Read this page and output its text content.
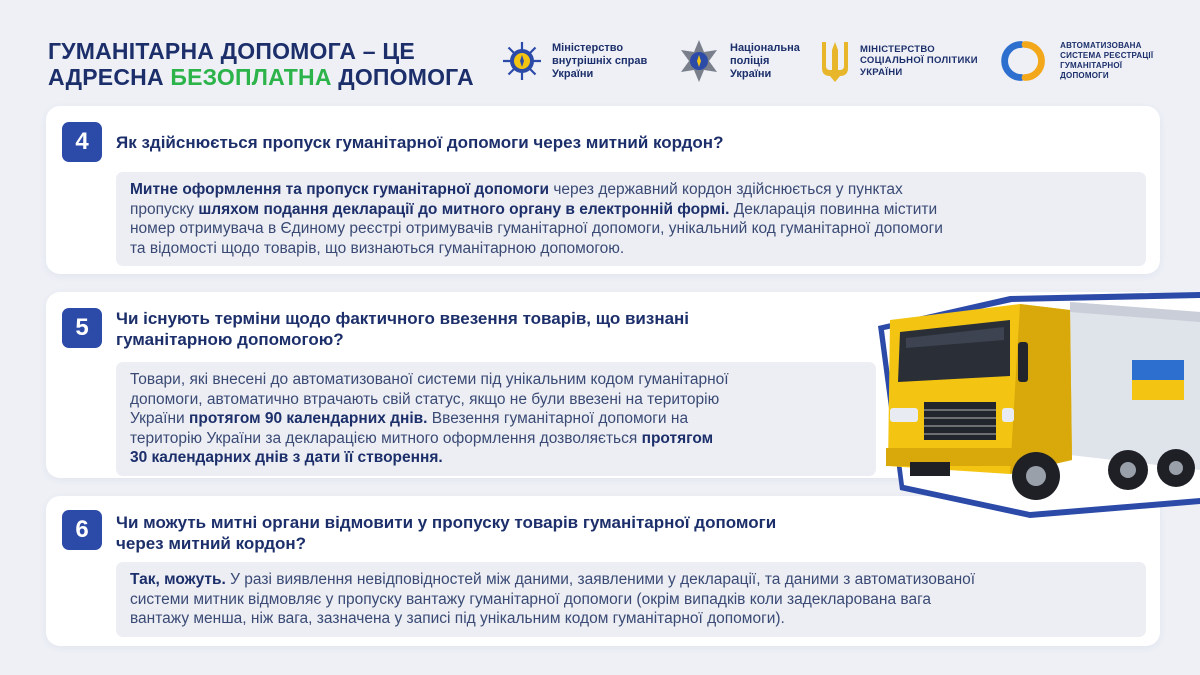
ГУМАНІТАРНА ДОПОМОГА – ЦЕ
АДРЕСНА БЕЗОПЛАТНА ДОПОМОГА
Міністерство
внутрішніх справ
України
Національна
поліція
України
МІНІСТЕРСТВО
СОЦІАЛЬНОЇ ПОЛІТИКИ
УКРАЇНИ
АВТОМАТИЗОВАНА
СИСТЕМА РЕЄСТРАЦІЇ
ГУМАНІТАРНОЇ ДОПОМОГИ
4	Як здійснюється пропуск гуманітарної допомоги через митний кордон?
Митне оформлення та пропуск гуманітарної допомоги через державний кордон здійснюється у пунктах
пропуску шляхом подання декларації до митного органу в електронній формі. Декларація повинна містити
номер отримувача в Єдиному реєстрі отримувачів гуманітарної допомоги, унікальний код гуманітарної допомоги
та відомості щодо товарів, що визнаються гуманітарною допомогою.
5	Чи існують терміни щодо фактичного ввезення товарів, що визнані
гуманітарною допомогою?
Товари, які внесені до автоматизованої системи під унікальним кодом гуманітарної
допомоги, автоматично втрачають свій статус, якщо не були ввезені на територію
України протягом 90 календарних днів. Ввезення гуманітарної допомоги на
територію України за декларацією митного оформлення дозволяється протягом
30 календарних днів з дати її створення.
6	Чи можуть митні органи відмовити у пропуску товарів гуманітарної допомоги
через митний кордон?
Так, можуть. У разі виявлення невідповідностей між даними, заявленими у декларації, та даними з автоматизованої
системи митник відмовляє у пропуску вантажу гуманітарної допомоги (окрім випадків коли задекларована вага
вантажу менша, ніж вага, зазначена у записі під унікальним кодом гуманітарної допомоги).
